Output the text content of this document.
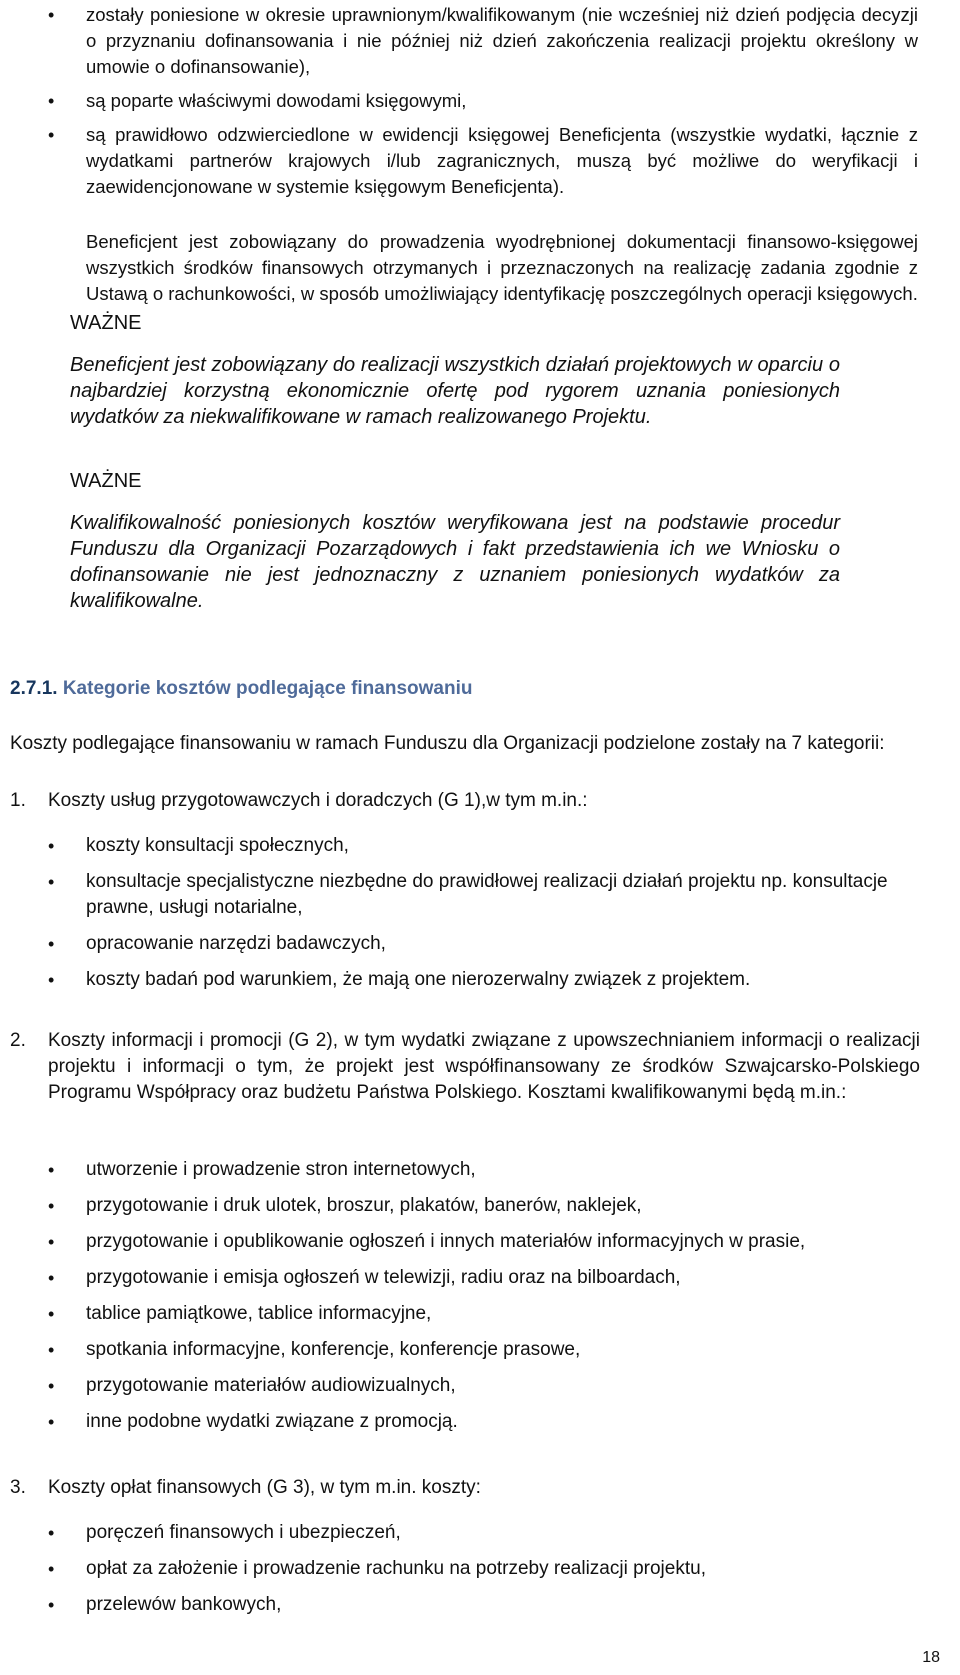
• zostały poniesione w okresie uprawnionym/kwalifikowanym (nie wcześniej niż dzień podjęcia decyzji o przyznaniu dofinansowania i nie później niż dzień zakończenia realizacji projektu określony w umowie o dofinansowanie),
• są poparte właściwymi dowodami księgowymi,
• są prawidłowo odzwierciedlone w ewidencji księgowej Beneficjenta (wszystkie wydatki, łącznie z wydatkami partnerów krajowych i/lub zagranicznych, muszą być możliwe do weryfikacji i zaewidencjonowane w systemie księgowym Beneficjenta).
Beneficjent jest zobowiązany do prowadzenia wyodrębnionej dokumentacji finansowo-księgowej wszystkich środków finansowych otrzymanych i przeznaczonych na realizację zadania zgodnie z Ustawą o rachunkowości, w sposób umożliwiający identyfikację poszczególnych operacji księgowych.
WAŻNE
Beneficjent jest zobowiązany do realizacji wszystkich działań projektowych w oparciu o najbardziej korzystną ekonomicznie ofertę pod rygorem uznania poniesionych wydatków za niekwalifikowane w ramach realizowanego Projektu.
WAŻNE
Kwalifikowalność poniesionych kosztów weryfikowana jest na podstawie procedur Funduszu dla Organizacji Pozarządowych i fakt przedstawienia ich we Wniosku o dofinansowanie nie jest jednoznaczny z uznaniem poniesionych wydatków za kwalifikowalne.
2.7.1. Kategorie kosztów podlegające finansowaniu
Koszty podlegające finansowaniu w ramach Funduszu dla Organizacji podzielone zostały na 7 kategorii:
1.	Koszty usług przygotowawczych i doradczych (G 1),w tym m.in.:
• koszty konsultacji społecznych,
• konsultacje specjalistyczne niezbędne do prawidłowej realizacji działań projektu np. konsultacje prawne, usługi notarialne,
• opracowanie narzędzi badawczych,
• koszty badań pod warunkiem, że mają one nierozerwalny związek z projektem.
2.	Koszty informacji i promocji (G 2), w tym wydatki związane z upowszechnianiem informacji o realizacji projektu i informacji o tym, że projekt jest współfinansowany ze środków Szwajcarsko-Polskiego Programu Współpracy oraz budżetu Państwa Polskiego. Kosztami kwalifikowanymi będą m.in.:
• utworzenie i prowadzenie stron internetowych,
• przygotowanie i druk ulotek, broszur, plakatów, banerów, naklejek,
• przygotowanie i opublikowanie ogłoszeń i innych materiałów informacyjnych w prasie,
• przygotowanie i emisja ogłoszeń w telewizji, radiu oraz na bilboardach,
• tablice pamiątkowe, tablice informacyjne,
• spotkania informacyjne, konferencje, konferencje prasowe,
• przygotowanie materiałów audiowizualnych,
• inne podobne wydatki związane z promocją.
3.	Koszty opłat finansowych (G 3), w tym m.in. koszty:
• poręczeń finansowych i ubezpieczeń,
• opłat za założenie i prowadzenie rachunku na potrzeby realizacji projektu,
• przelewów bankowych,
18
